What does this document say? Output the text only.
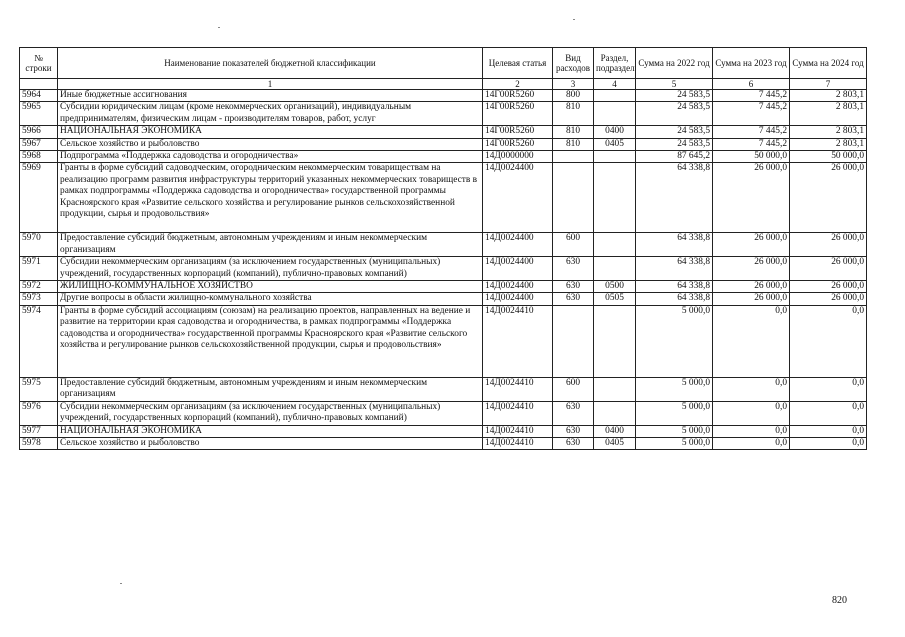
№ строки	Наименование показателей бюджетной классификации	Целевая статья	Вид расходов	Раздел, подраздел	Сумма на 2022 год	Сумма на 2023 год	Сумма на 2024 год
	1	2	3	4	5	6	7
5964	Иные бюджетные ассигнования	14Г00R5260	800		24 583,5	7 445,2	2 803,1
5965	Субсидии юридическим лицам (кроме некоммерческих организаций), индивидуальным предпринимателям, физическим лицам - производителям товаров, работ, услуг	14Г00R5260	810		24 583,5	7 445,2	2 803,1
5966	НАЦИОНАЛЬНАЯ ЭКОНОМИКА	14Г00R5260	810	0400	24 583,5	7 445,2	2 803,1
5967	Сельское хозяйство и рыболовство	14Г00R5260	810	0405	24 583,5	7 445,2	2 803,1
5968	Подпрограмма «Поддержка садоводства и огородничества»	14Д0000000			87 645,2	50 000,0	50 000,0
5969	Гранты в форме субсидий садоводческим, огородническим некоммерческим товариществам на реализацию программ развития инфраструктуры территорий указанных некоммерческих товариществ в рамках подпрограммы «Поддержка садоводства и огородничества» государственной программы Красноярского края «Развитие сельского хозяйства и регулирование рынков сельскохозяйственной продукции, сырья и продовольствия»	14Д0024400			64 338,8	26 000,0	26 000,0
5970	Предоставление субсидий бюджетным, автономным учреждениям и иным некоммерческим организациям	14Д0024400	600		64 338,8	26 000,0	26 000,0
5971	Субсидии некоммерческим организациям (за исключением государственных (муниципальных) учреждений, государственных корпораций (компаний), публично-правовых компаний)	14Д0024400	630		64 338,8	26 000,0	26 000,0
5972	ЖИЛИЩНО-КОММУНАЛЬНОЕ ХОЗЯЙСТВО	14Д0024400	630	0500	64 338,8	26 000,0	26 000,0
5973	Другие вопросы в области жилищно-коммунального хозяйства	14Д0024400	630	0505	64 338,8	26 000,0	26 000,0
5974	Гранты в форме субсидий ассоциациям (союзам) на реализацию проектов, направленных на ведение и развитие на территории края садоводства и огородничества, в рамках подпрограммы «Поддержка садоводства и огородничества» государственной программы Красноярского края «Развитие сельского хозяйства и регулирование рынков сельскохозяйственной продукции, сырья и продовольствия»	14Д0024410			5 000,0	0,0	0,0
5975	Предоставление субсидий бюджетным, автономным учреждениям и иным некоммерческим организациям	14Д0024410	600		5 000,0	0,0	0,0
5976	Субсидии некоммерческим организациям (за исключением государственных (муниципальных) учреждений, государственных корпораций (компаний), публично-правовых компаний)	14Д0024410	630		5 000,0	0,0	0,0
5977	НАЦИОНАЛЬНАЯ ЭКОНОМИКА	14Д0024410	630	0400	5 000,0	0,0	0,0
5978	Сельское хозяйство и рыболовство	14Д0024410	630	0405	5 000,0	0,0	0,0
820
